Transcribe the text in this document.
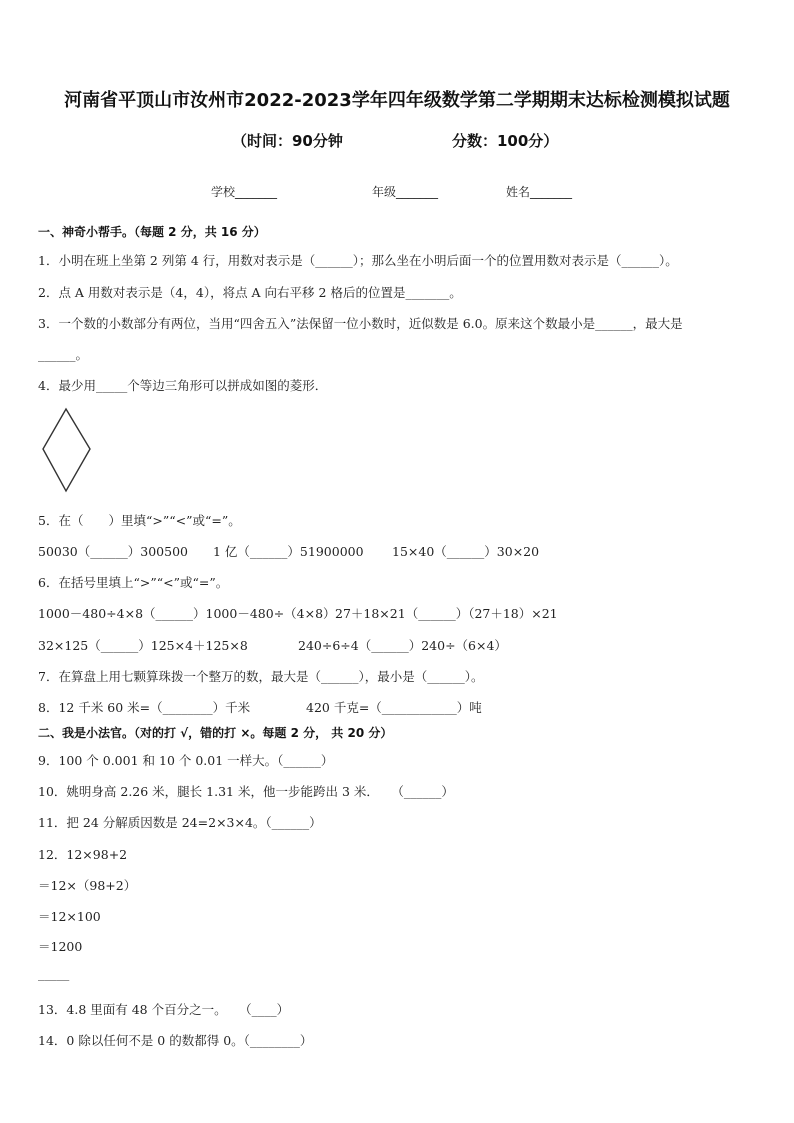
河南省平顶山市汝州市2022-2023学年四年级数学第二学期期末达标检测模拟试题
（时间：90分钟	分数：100分）
学校_______	年级_______	姓名_______
一、神奇小帮手。（每题 2 分，共 16 分）
1．小明在班上坐第 2 列第 4 行，用数对表示是（______）；那么坐在小明后面一个的位置用数对表示是（______）。
2．点 A 用数对表示是（4，4），将点 A 向右平移 2 格后的位置是_______。
3．一个数的小数部分有两位，当用“四舍五入”法保留一位小数时，近似数是 6.0。原来这个数最小是______，最大是
______。
4．最少用_____个等边三角形可以拼成如图的菱形．
5．在（　　）里填“>”“<”或“=”。
50030（______）300500 1 亿（______）51900000 15×40（______）30×20
6．在括号里填上“>”“<”或“=”。
1000－480÷4×8（______）1000－480÷（4×8） 27＋18×21（______）（27＋18）×21
32×125（______）125×4＋125×8	240÷6÷4（______）240÷（6×4）
7．在算盘上用七颗算珠拨一个整万的数，最大是（______），最小是（______）。
8．12 千米 60 米=（________）千米	420 千克=（____________）吨
二、我是小法官。（对的打 √，错的打 ×。每题 2 分， 共 20 分）
9．100 个 0.001 和 10 个 0.01 一样大。（______）
10．姚明身高 2.26 米，腿长 1.31 米，他一步能跨出 3 米．　　（______）
11．把 24 分解质因数是 24=2×3×4。（______）
12．12×98+2
＝12×（98+2）
＝12×100
＝1200
_____
13．4.8 里面有 48 个百分之一。　　（____）
14．0 除以任何不是 0 的数都得 0。（________）
